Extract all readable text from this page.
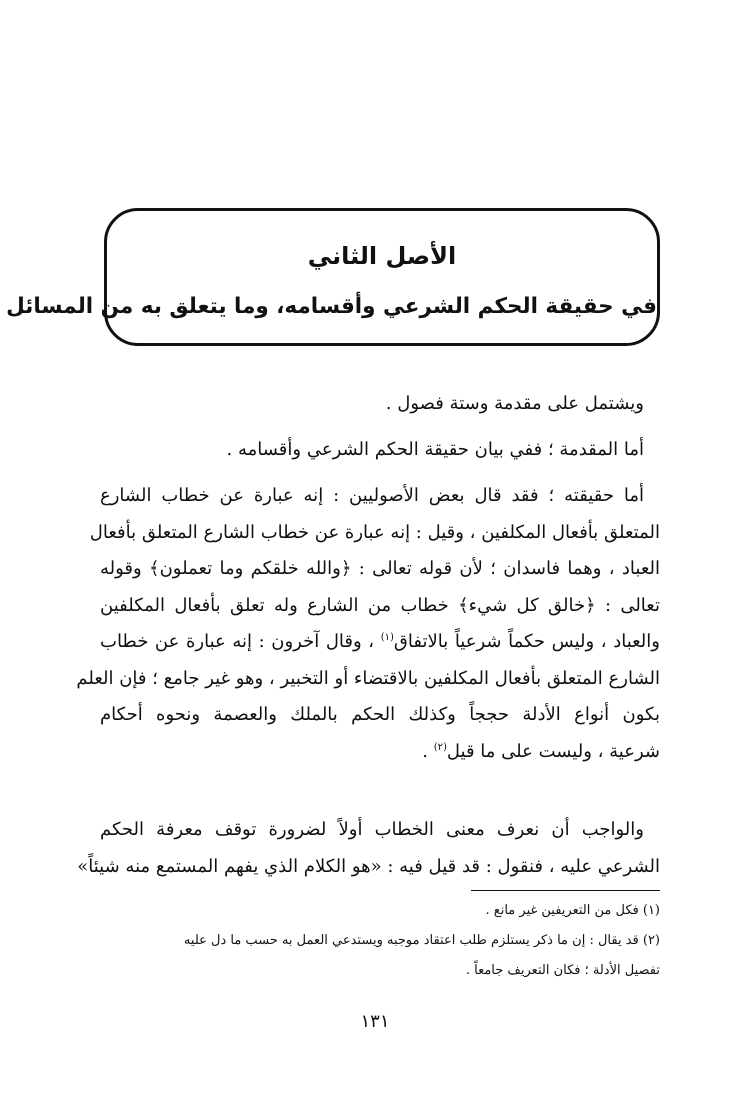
الأصل الثاني
في حقيقة الحكم الشرعي وأقسامه، وما يتعلق به من المسائل
ويشتمل على مقدمة وستة فصول .
أما المقدمة ؛ ففي بيان حقيقة الحكم الشرعي وأقسامه .
أما حقيقته ؛ فقد قال بعض الأصوليين : إنه عبارة عن خطاب الشارع
المتعلق بأفعال المكلفين ، وقيل : إنه عبارة عن خطاب الشارع المتعلق بأفعال
العباد ، وهما فاسدان ؛ لأن قوله تعالى : ﴿والله خلقكم وما تعملون﴾ وقوله
تعالى : ﴿خالق كل شيء﴾ خطاب من الشارع وله تعلق بأفعال المكلفين
والعباد ، وليس حكماً شرعياً بالاتفاق$^{(١)}$ ، وقال آخرون : إنه عبارة عن خطاب
الشارع المتعلق بأفعال المكلفين بالاقتضاء أو التخبير ، وهو غير جامع ؛ فإن العلم
بكون أنواع الأدلة حججاً وكذلك الحكم بالملك والعصمة ونحوه أحكام
شرعية ، وليست على ما قيل$^{(٢)}$ .
والواجب أن نعرف معنى الخطاب أولاً لضرورة توقف معرفة الحكم
الشرعي عليه ، فنقول : قد قيل فيه : «هو الكلام الذي يفهم المستمع منه شيئاً»
(١) فكل من التعريفين غير مانع .
(٢) قد يقال : إن ما ذكر يستلزم طلب اعتقاد موجبه ويستدعي العمل به حسب ما دل عليه
تفصيل الأدلة ؛ فكان التعريف جامعاً .
١٣١
